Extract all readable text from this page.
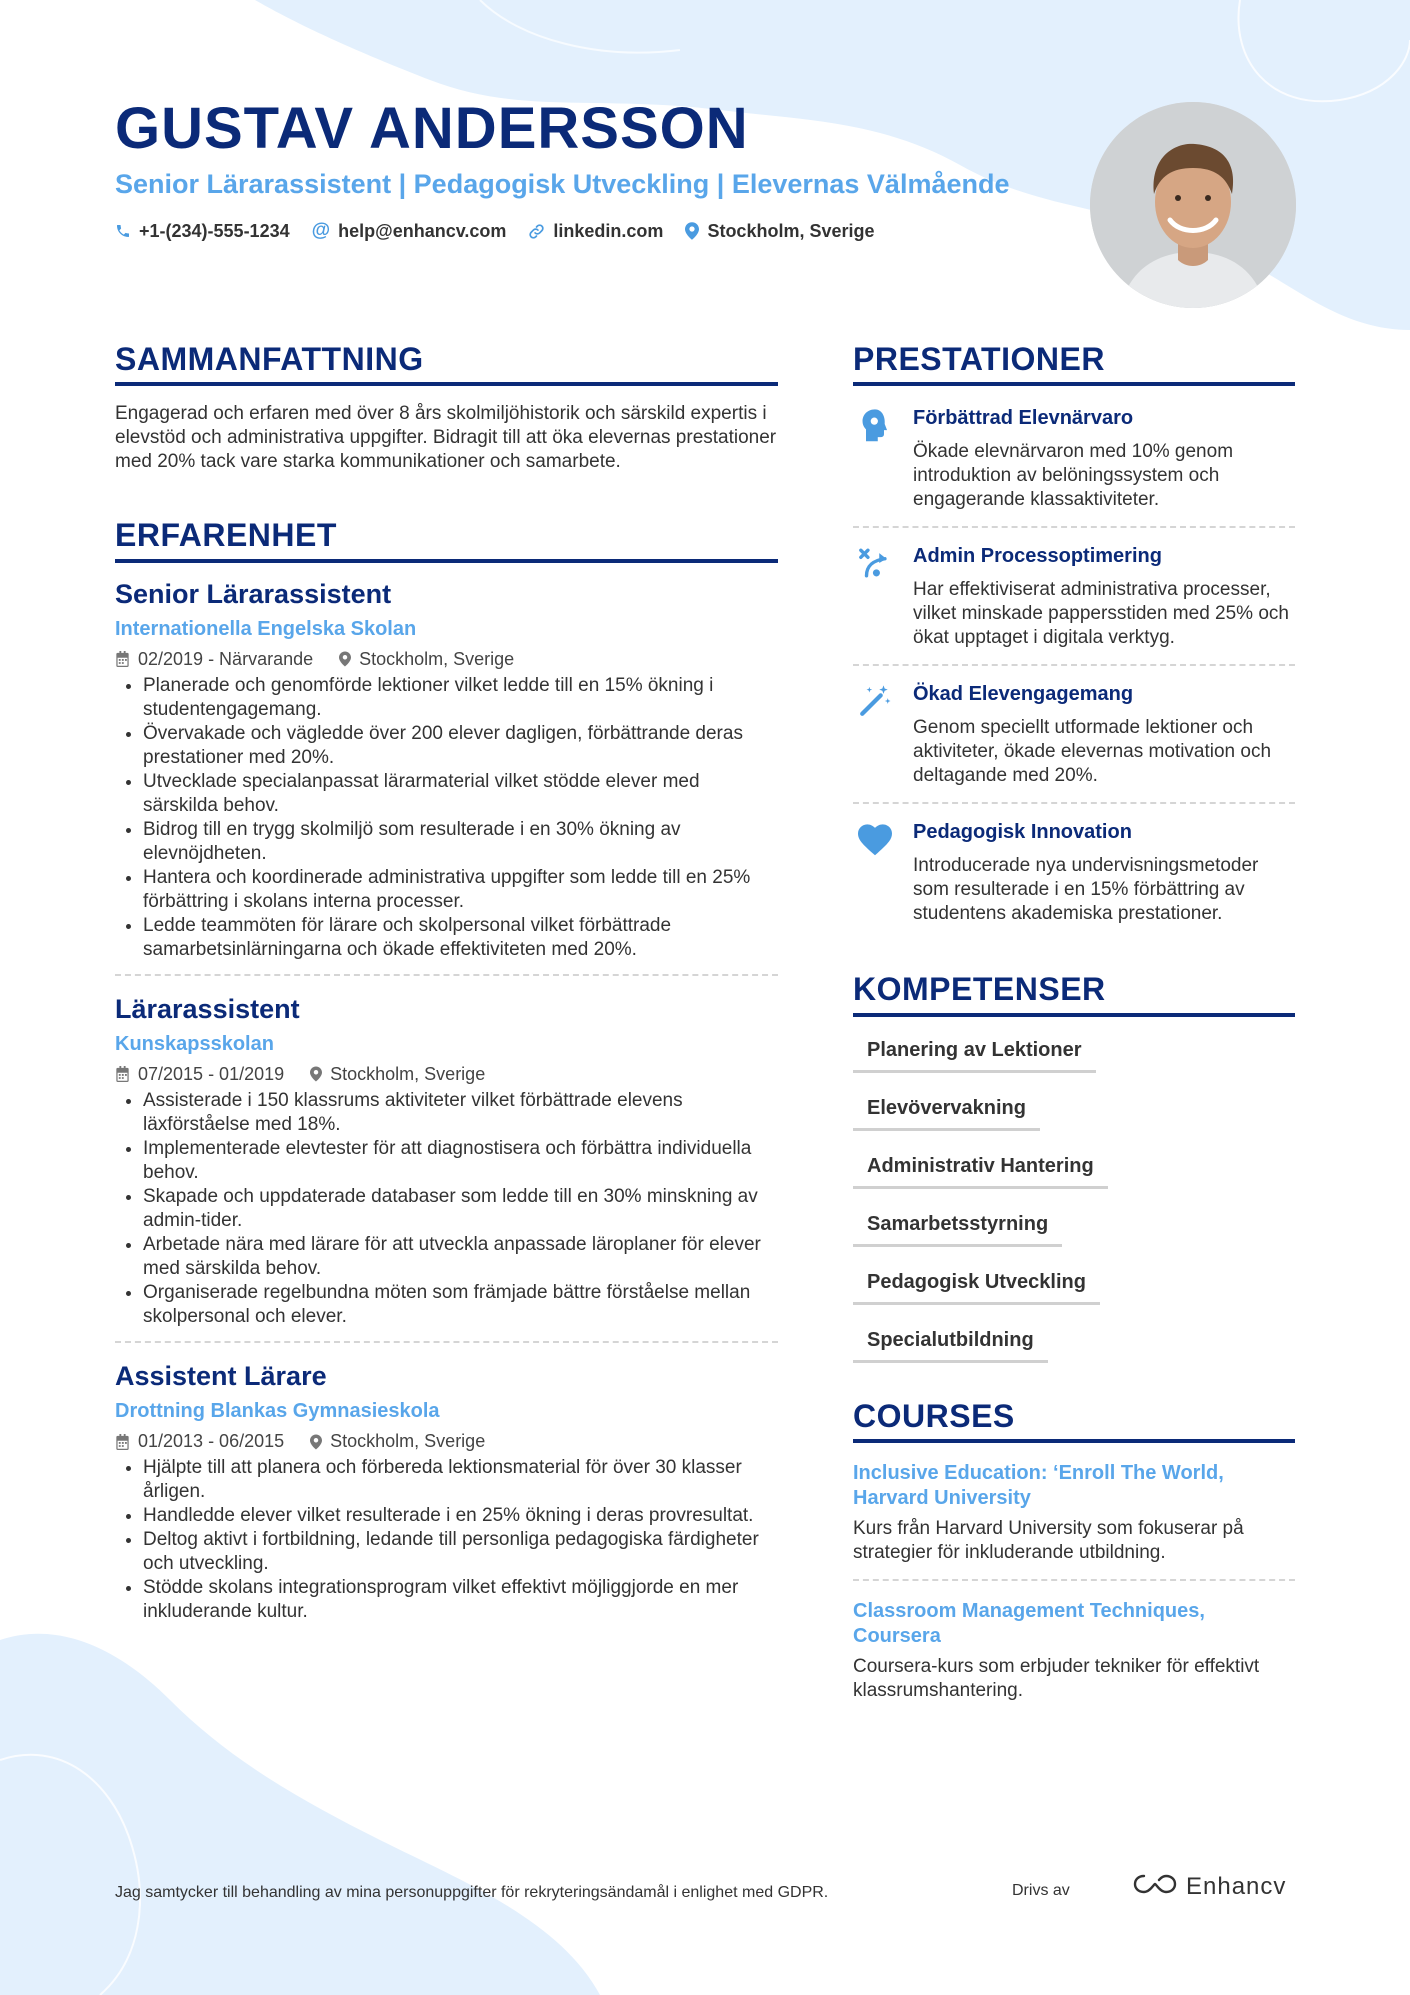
GUSTAV ANDERSSON
Senior Lärarassistent | Pedagogisk Utveckling | Elevernas Välmående
+1-(234)-555-1234 @ help@enhancv.com	linkedin.com Stockholm, Sverige
SAMMANFATTNING

Engagerad och erfaren med över 8 års skolmiljöhistorik och särskild expertis i elevstöd och administrativa uppgifter. Bidragit till att öka elevernas prestationer med 20% tack vare starka kommunikationer och samarbete.

ERFARENHET
Senior Lärarassistent
Internationella Engelska Skolan
02/2019 - Närvarande	Stockholm, Sverige
• Planerade och genomförde lektioner vilket ledde till en 15% ökning i studentengagemang.
• Övervakade och vägledde över 200 elever dagligen, förbättrande deras prestationer med 20%.
• Utvecklade specialanpassat lärarmaterial vilket stödde elever med särskilda behov.
• Bidrog till en trygg skolmiljö som resulterade i en 30% ökning av elevnöjdheten.
• Hantera och koordinerade administrativa uppgifter som ledde till en 25% förbättring i skolans interna processer.
• Ledde teammöten för lärare och skolpersonal vilket förbättrade samarbetsinlärningarna och ökade effektiviteten med 20%.
Lärarassistent
Kunskapsskolan
07/2015 - 01/2019	Stockholm, Sverige
• Assisterade i 150 klassrums aktiviteter vilket förbättrade elevens läxförståelse med 18%.
• Implementerade elevtester för att diagnostisera och förbättra individuella behov.
• Skapade och uppdaterade databaser som ledde till en 30% minskning av admin-tider.
• Arbetade nära med lärare för att utveckla anpassade läroplaner för elever med särskilda behov.
• Organiserade regelbundna möten som främjade bättre förståelse mellan skolpersonal och elever.
Assistent Lärare
Drottning Blankas Gymnasieskola
01/2013 - 06/2015	Stockholm, Sverige
• Hjälpte till att planera och förbereda lektionsmaterial för över 30 klasser årligen.
• Handledde elever vilket resulterade i en 25% ökning i deras provresultat.
• Deltog aktivt i fortbildning, ledande till personliga pedagogiska färdigheter och utveckling.
• Stödde skolans integrationsprogram vilket effektivt möjliggjorde en mer inkluderande kultur.
PRESTATIONER
Förbättrad Elevnärvaro
Ökade elevnärvaron med 10% genom introduktion av belöningssystem och engagerande klassaktiviteter.
Admin Processoptimering
Har effektiviserat administrativa processer, vilket minskade pappersstiden med 25% och ökat upptaget i digitala verktyg.
Ökad Elevengagemang
Genom speciellt utformade lektioner och aktiviteter, ökade elevernas motivation och deltagande med 20%.
Pedagogisk Innovation
Introducerade nya undervisningsmetoder som resulterade i en 15% förbättring av studentens akademiska prestationer.
KOMPETENSER
Planering av Lektioner
Elevövervakning
Administrativ Hantering
Samarbetsstyrning
Pedagogisk Utveckling
Specialutbildning
COURSES
Inclusive Education: ‘Enroll The World, Harvard University
Kurs från Harvard University som fokuserar på strategier för inkluderande utbildning.
Classroom Management Techniques, Coursera
Coursera-kurs som erbjuder tekniker för effektivt klassrumshantering.
Jag samtycker till behandling av mina personuppgifter för rekryteringsändamål i enlighet med GDPR.	Drivs av	Enhancv
